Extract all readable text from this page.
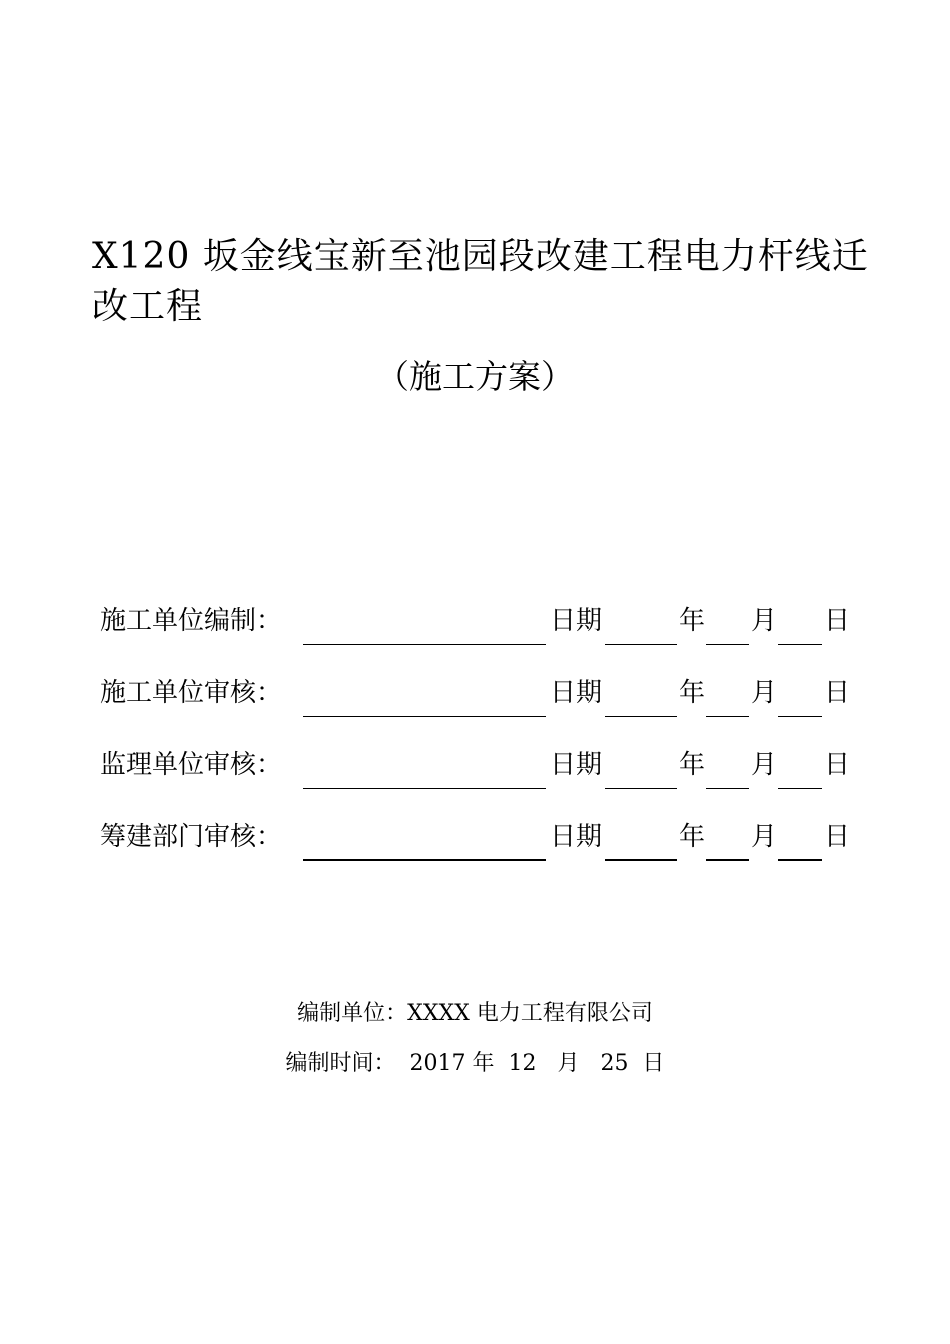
X120 坂金线宝新至池园段改建工程电力杆线迁改工程
（施工方案）
施工单位编制：	日期	年 月 日
施工单位审核：	日期	年 月 日
监理单位审核：	日期	年 月 日
筹建部门审核：	日期	年 月 日
编制单位：XXXX 电力工程有限公司
编制时间：  2017 年  12   月   25  日
